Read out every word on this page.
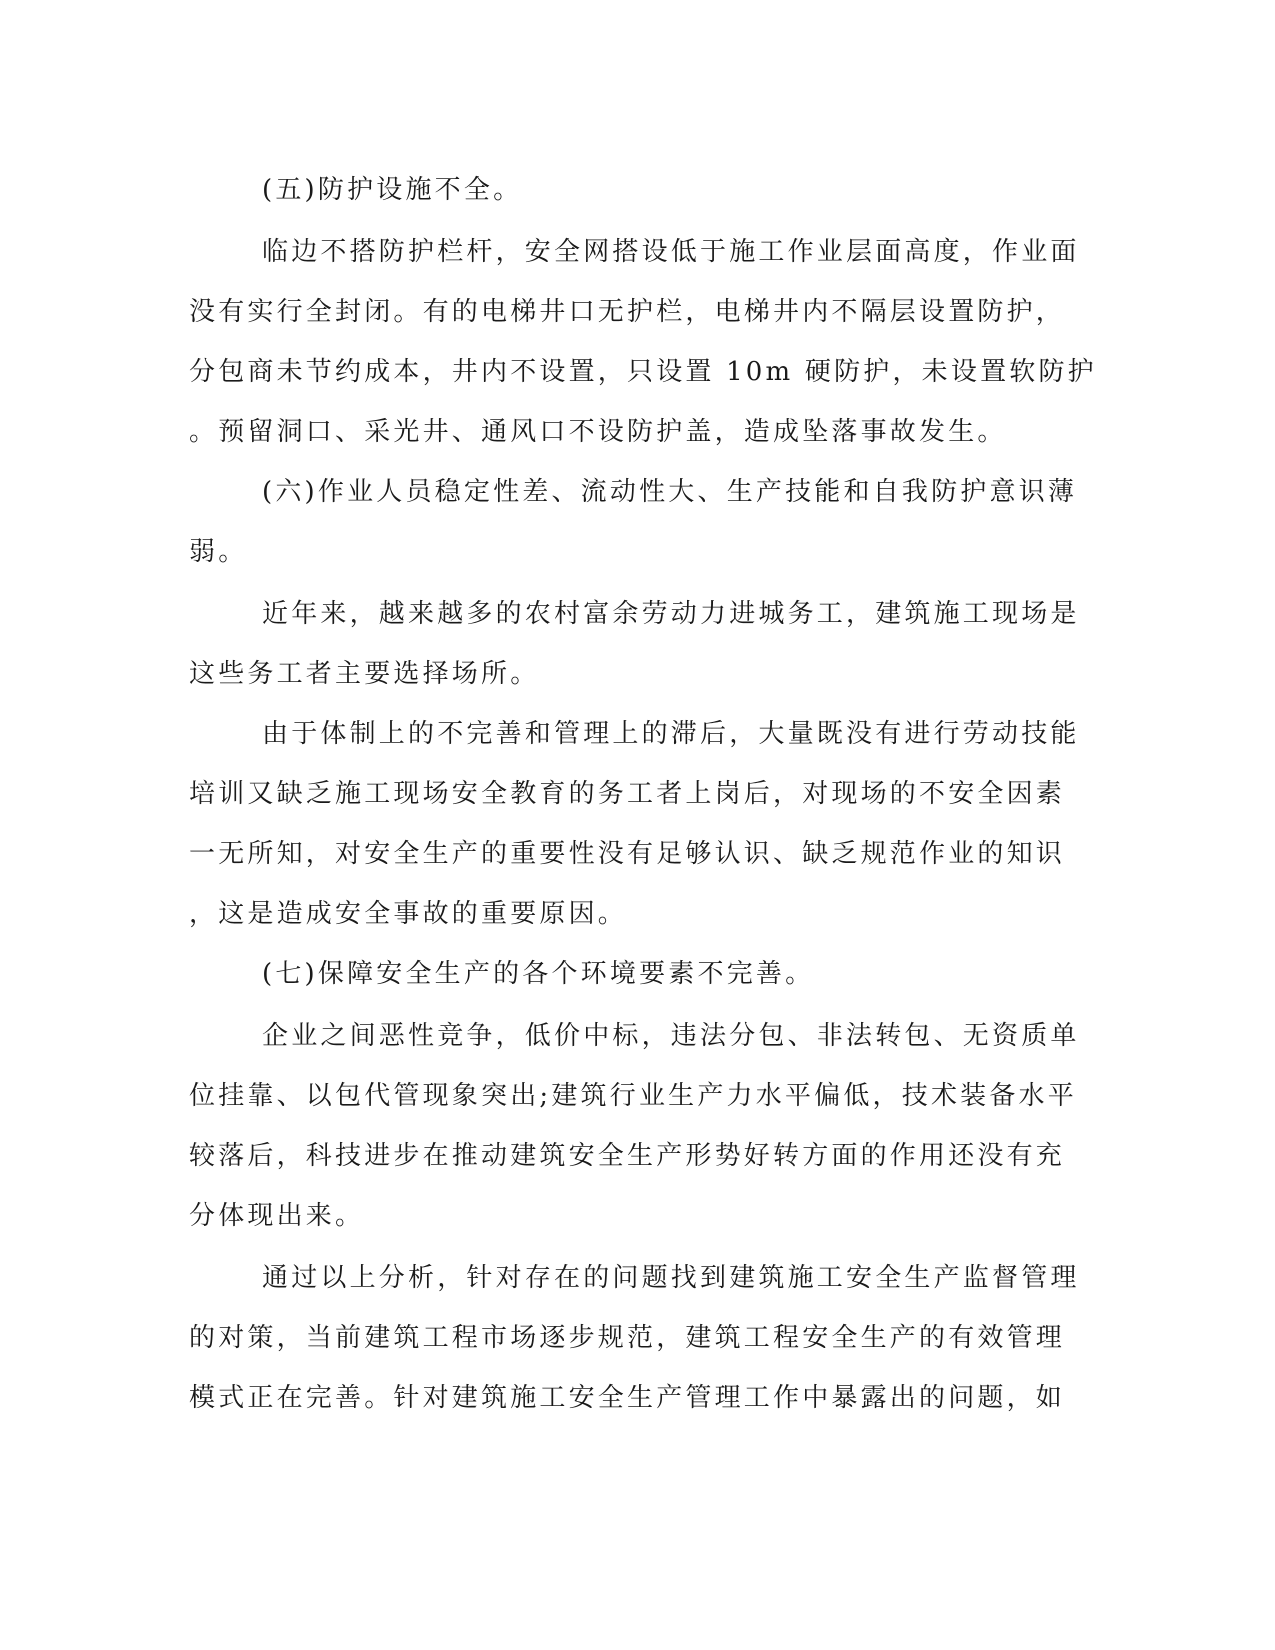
(五)防护设施不全。
临边不搭防护栏杆，安全网搭设低于施工作业层面高度，作业面
没有实行全封闭。有的电梯井口无护栏，电梯井内不隔层设置防护，
分包商未节约成本，井内不设置，只设置 10m 硬防护，未设置软防护
。预留洞口、采光井、通风口不设防护盖，造成坠落事故发生。
(六)作业人员稳定性差、流动性大、生产技能和自我防护意识薄
弱。
近年来，越来越多的农村富余劳动力进城务工，建筑施工现场是
这些务工者主要选择场所。
由于体制上的不完善和管理上的滞后，大量既没有进行劳动技能
培训又缺乏施工现场安全教育的务工者上岗后，对现场的不安全因素
一无所知，对安全生产的重要性没有足够认识、缺乏规范作业的知识
，这是造成安全事故的重要原因。
(七)保障安全生产的各个环境要素不完善。
企业之间恶性竞争，低价中标，违法分包、非法转包、无资质单
位挂靠、以包代管现象突出;建筑行业生产力水平偏低，技术装备水平
较落后，科技进步在推动建筑安全生产形势好转方面的作用还没有充
分体现出来。
通过以上分析，针对存在的问题找到建筑施工安全生产监督管理
的对策，当前建筑工程市场逐步规范，建筑工程安全生产的有效管理
模式正在完善。针对建筑施工安全生产管理工作中暴露出的问题，如
